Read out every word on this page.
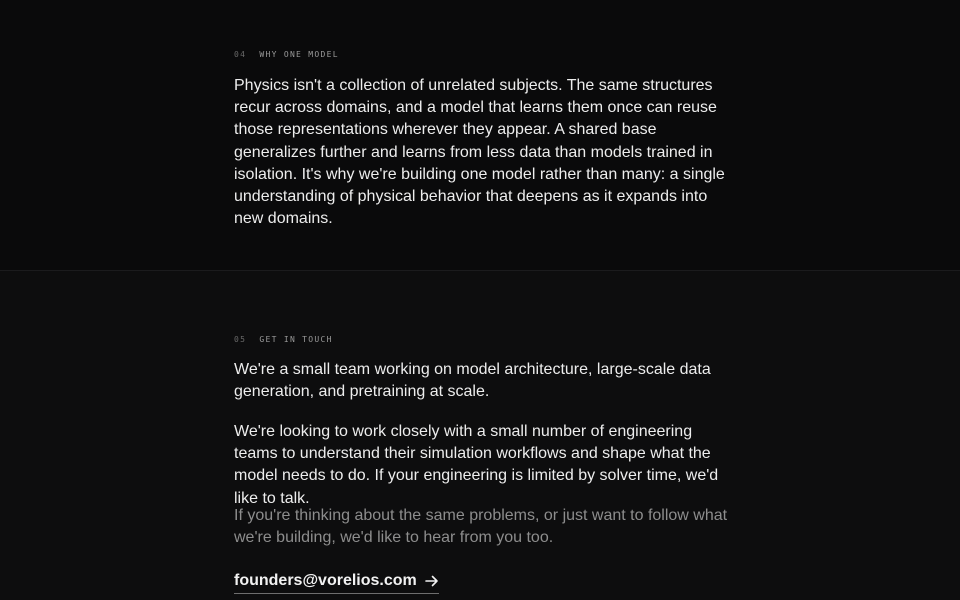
04 WHY ONE MODEL

Physics isn't a collection of unrelated subjects. The same structures recur across domains, and a model that learns them once can reuse those representations wherever they appear. A shared base generalizes further and learns from less data than models trained in isolation. It's why we're building one model rather than many: a single understanding of physical behavior that deepens as it expands into new domains.

05 GET IN TOUCH

We're a small team working on model architecture, large-scale data generation, and pretraining at scale.

We're looking to work closely with a small number of engineering teams to understand their simulation workflows and shape what the model needs to do. If your engineering is limited by solver time, we'd like to talk.

If you're thinking about the same problems, or just want to follow what we're building, we'd like to hear from you too.

founders@vorelios.com
